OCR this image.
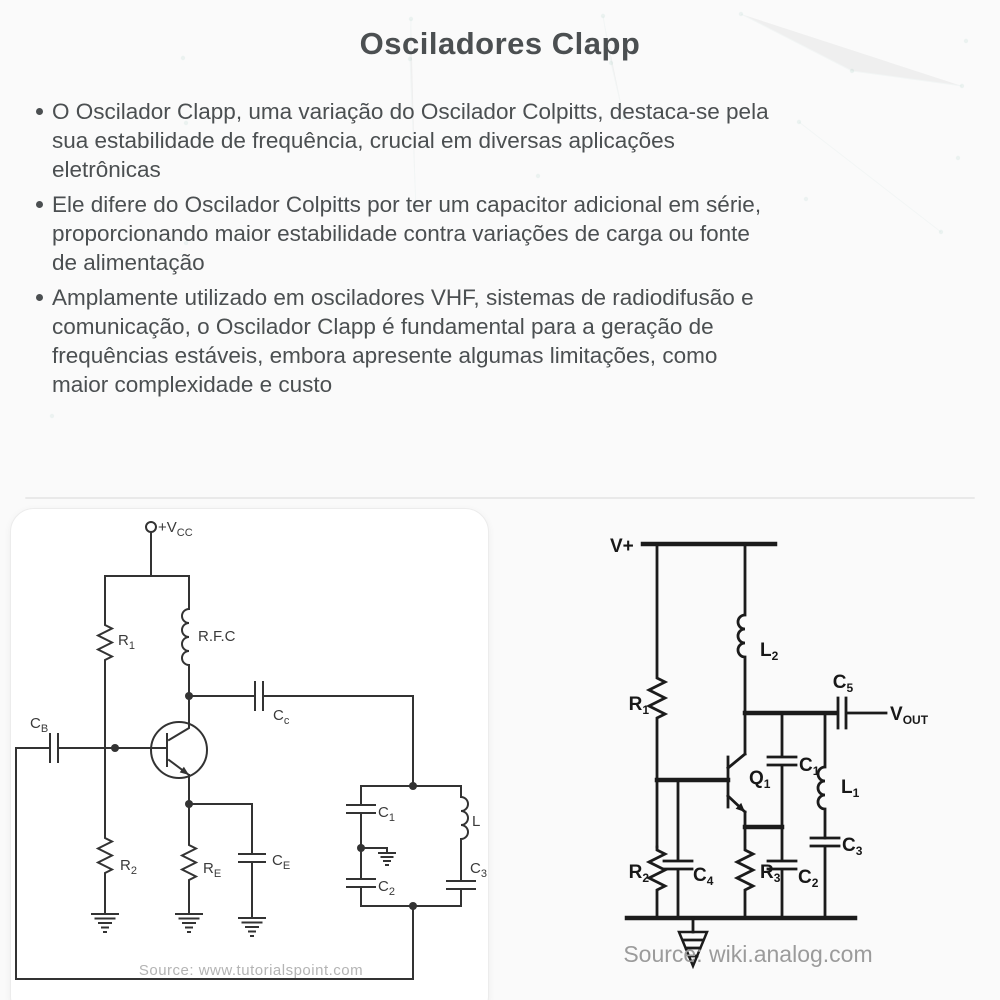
Osciladores Clapp
O Oscilador Clapp, uma variação do Oscilador Colpitts, destaca-se pela
sua estabilidade de frequência, crucial em diversas aplicações
eletrônicas
Ele difere do Oscilador Colpitts por ter um capacitor adicional em série,
proporcionando maior estabilidade contra variações de carga ou fonte
de alimentação
Amplamente utilizado em osciladores VHF, sistemas de radiodifusão e
comunicação, o Oscilador Clapp é fundamental para a geração de
frequências estáveis, embora apresente algumas limitações, como
maior complexidade e custo
$+V_{CC}$
$R_1$
R.F.C
$C_c$
$C_B$
$R_2$	$R_E$
$C_E$
$C_1$
$C_2$
L
$C_3$
Source: www.tutorialspoint.com
V+
$R_1$
$R_2$
$L_2$
$C_5$
$V_{OUT}$
$Q_1$
$R_3$
$C_1$
$C_2$
$C_4$
$L_1$
$C_3$
Source: wiki.analog.com
